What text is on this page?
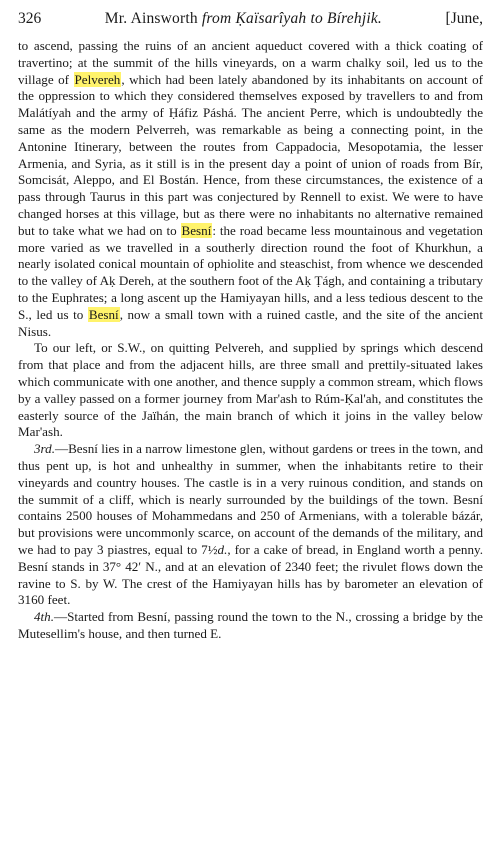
326	Mr. Ainsworth from Ḳaïsarîyah to Bírehjik.	[June,

to ascend, passing the ruins of an ancient aqueduct covered with a thick coating of travertino; at the summit of the hills vineyards, on a warm chalky soil, led us to the village of Pelvereh, which had been lately abandoned by its inhabitants on account of the oppression to which they considered themselves exposed by travellers to and from Malátíyah and the army of Ḥáfiz Páshá. The ancient Perre, which is undoubtedly the same as the modern Pelverreh, was remarkable as being a connecting point, in the Antonine Itinerary, between the routes from Cappadocia, Mesopotamia, the lesser Armenia, and Syria, as it still is in the present day a point of union of roads from Bír, Somcisát, Aleppo, and El Bostán. Hence, from these circumstances, the existence of a pass through Taurus in this part was conjectured by Rennell to exist. We were to have changed horses at this village, but as there were no inhabitants no alternative remained but to take what we had on to Besní: the road became less mountainous and vegetation more varied as we travelled in a southerly direction round the foot of Khurkhun, a nearly isolated conical mountain of ophiolite and steaschist, from whence we descended to the valley of Aḳ Dereh, at the southern foot of the Aḳ Ṭágh, and containing a tributary to the Euphrates; a long ascent up the Hamiyayan hills, and a less tedious descent to the S., led us to Besní, now a small town with a ruined castle, and the site of the ancient Nisus.

To our left, or S.W., on quitting Pelvereh, and supplied by springs which descend from that place and from the adjacent hills, are three small and prettily-situated lakes which communicate with one another, and thence supply a common stream, which flows by a valley passed on a former journey from Mar'ash to Rúm-Ḳal'ah, and constitutes the easterly source of the Jaïhán, the main branch of which it joins in the valley below Mar'ash.

3rd.—Besní lies in a narrow limestone glen, without gardens or trees in the town, and thus pent up, is hot and unhealthy in summer, when the inhabitants retire to their vineyards and country houses. The castle is in a very ruinous condition, and stands on the summit of a cliff, which is nearly surrounded by the buildings of the town. Besní contains 2500 houses of Mohammedans and 250 of Armenians, with a tolerable bázár, but provisions were uncommonly scarce, on account of the demands of the military, and we had to pay 3 piastres, equal to 7½d., for a cake of bread, in England worth a penny. Besní stands in 37° 42′ N., and at an elevation of 2340 feet; the rivulet flows down the ravine to S. by W. The crest of the Hamiyayan hills has by barometer an elevation of 3160 feet.

4th.—Started from Besní, passing round the town to the N., crossing a bridge by the Mutesellim's house, and then turned E.
